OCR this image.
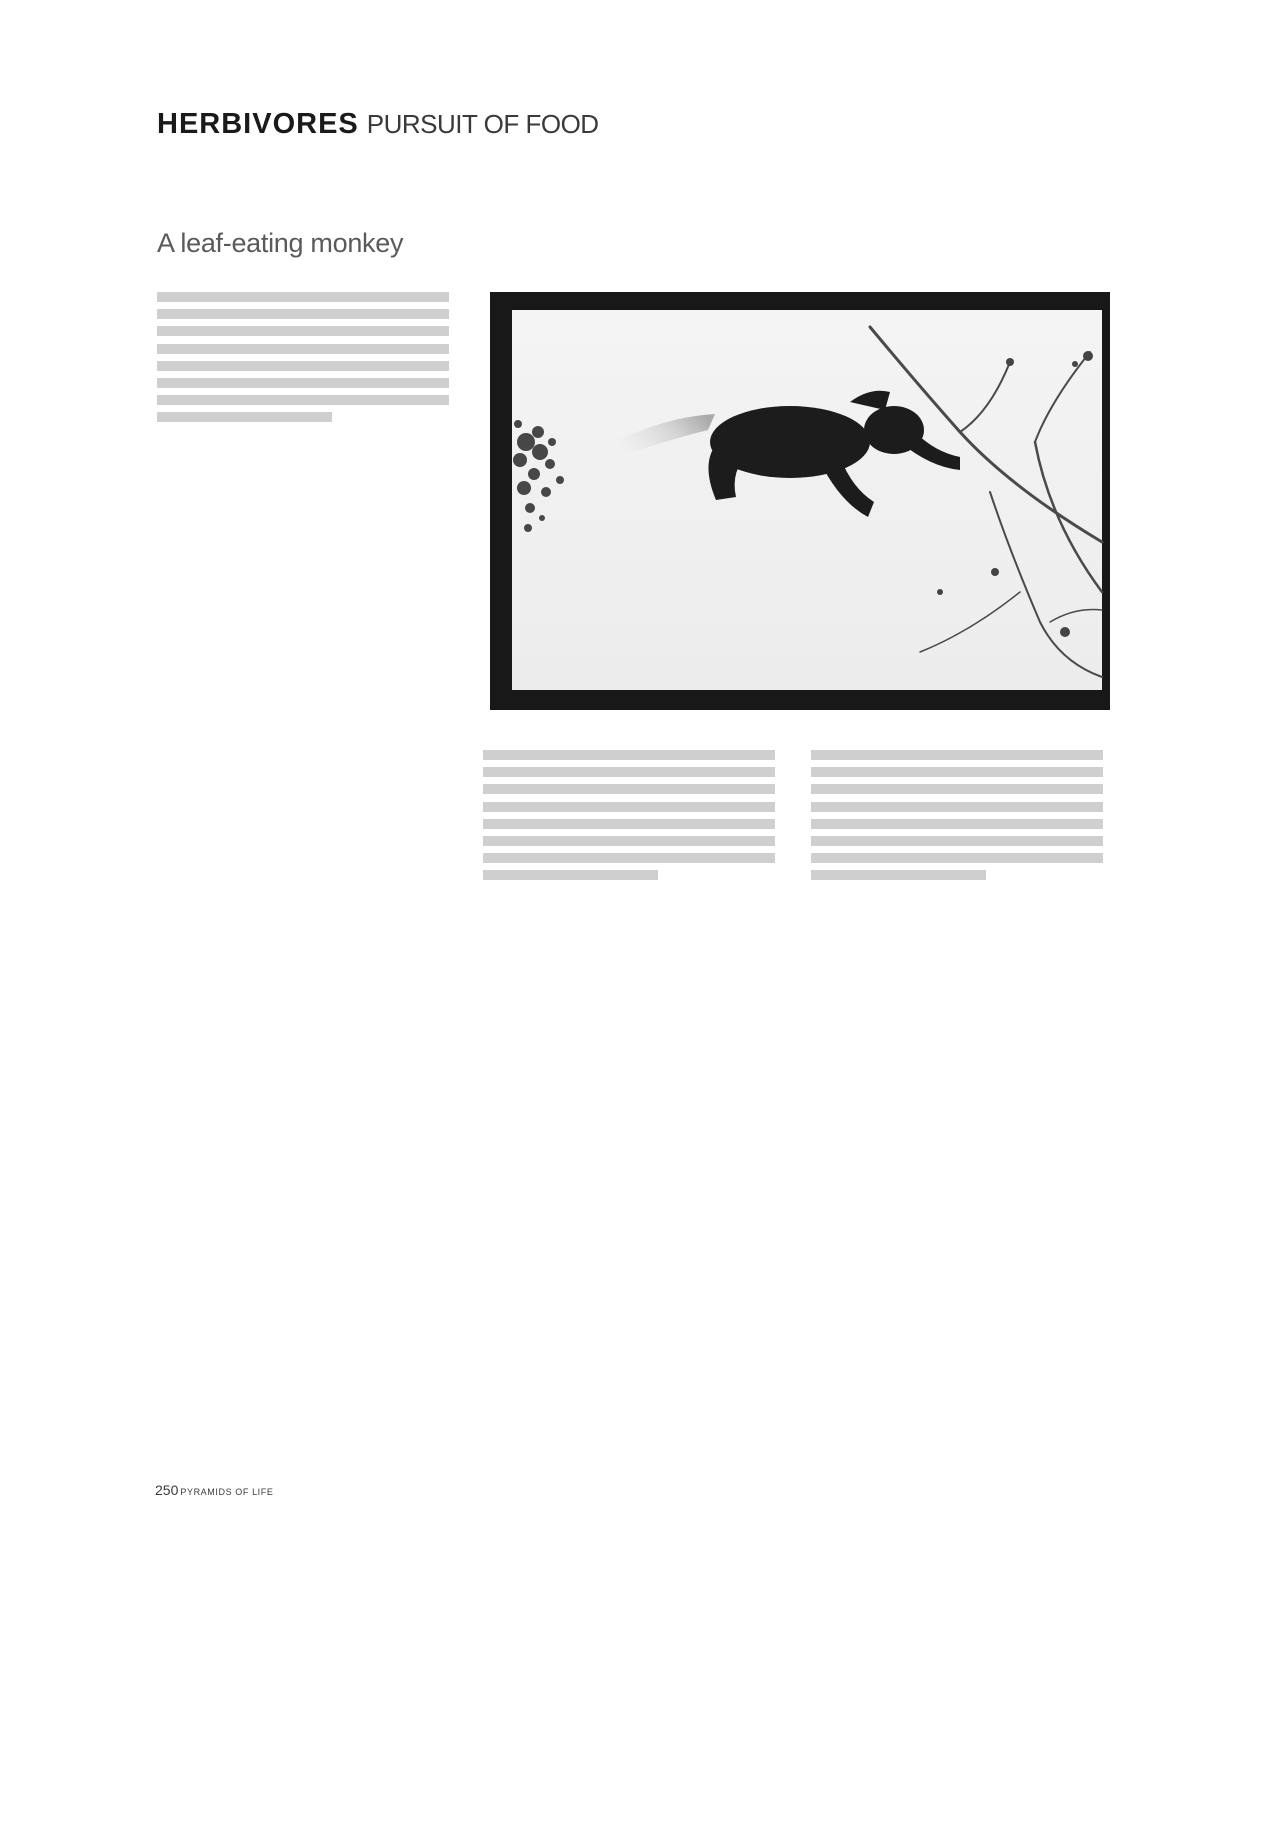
HERBIVORES PURSUIT OF FOOD
A leaf-eating monkey
250 PYRAMIDS OF LIFE
